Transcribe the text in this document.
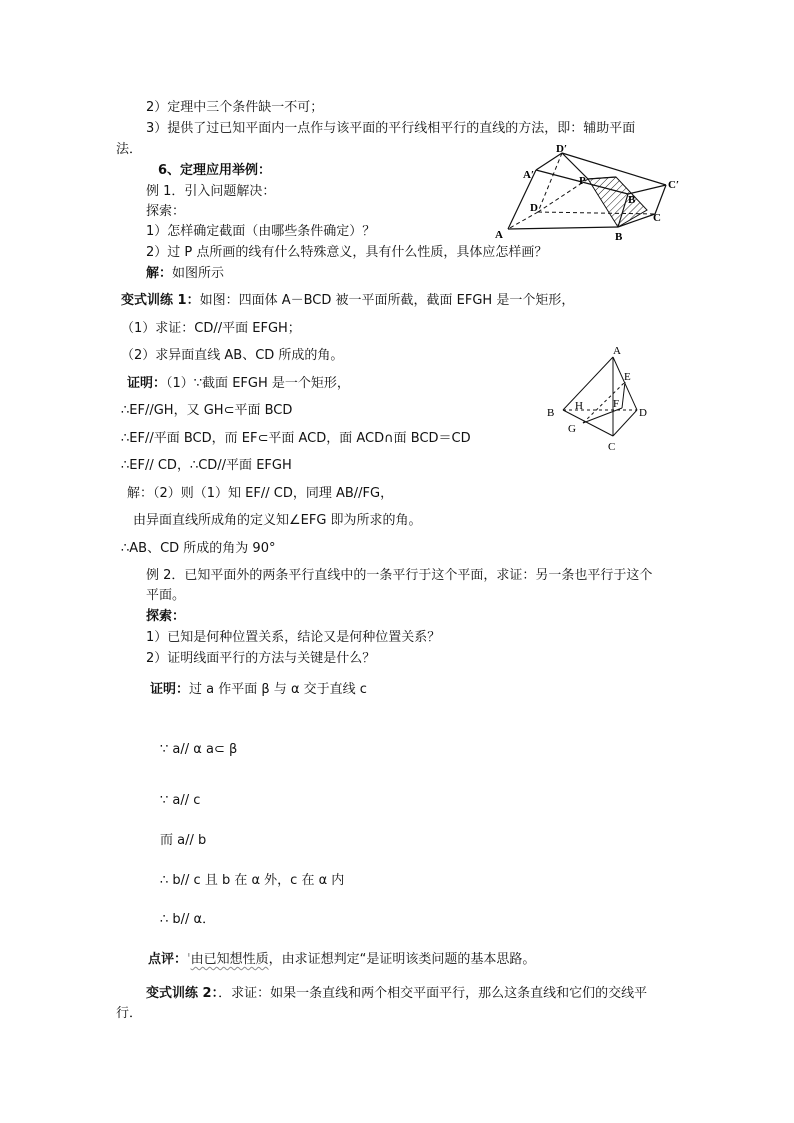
2）定理中三个条件缺一不可；
3）提供了过已知平面内一点作与该平面的平行线相平行的直线的方法，即：辅助平面
法．
6、定理应用举例：
例 1．引入问题解决：
探索：
1）怎样确定截面（由哪些条件确定）？
2）过 P 点所画的线有什么特殊意义，具有什么性质，具体应怎样画？
解：如图所示
变式训练 1：如图：四面体 A－BCD 被一平面所截，截面 EFGH 是一个矩形，
（1）求证：CD//平面 EFGH；
（2）求异面直线 AB、CD 所成的角。
证明：（1）∵截面 EFGH 是一个矩形，
∴EF//GH，又 GH⊂平面 BCD
∴EF//平面 BCD，而 EF⊂平面 ACD，面 ACD∩面 BCD＝CD
∴EF// CD，∴CD//平面 EFGH
解：（2）则（1）知 EF// CD，同理 AB//FG，
由异面直线所成角的定义知∠EFG 即为所求的角。
∴AB、CD 所成的角为 90°
例 2．已知平面外的两条平行直线中的一条平行于这个平面，求证：另一条也平行于这个
平面。
探索：
1）已知是何种位置关系，结论又是何种位置关系？
2）证明线面平行的方法与关键是什么？
证明：过 a 作平面 β 与 α 交于直线 c
∵ a// α a⊂ β
∵ a// c
而 a// b
∴ b// c 且 b 在 α 外，c 在 α 内
∴ b// α．
点评：'由已知想性质，由求证想判定“是证明该类问题的基本思路。
变式训练 2：．求证：如果一条直线和两个相交平面平行，那么这条直线和它们的交线平
行．
D′
A′
C′
P
B
D
C
A	B
A
E
H	F
B	D
G
C
